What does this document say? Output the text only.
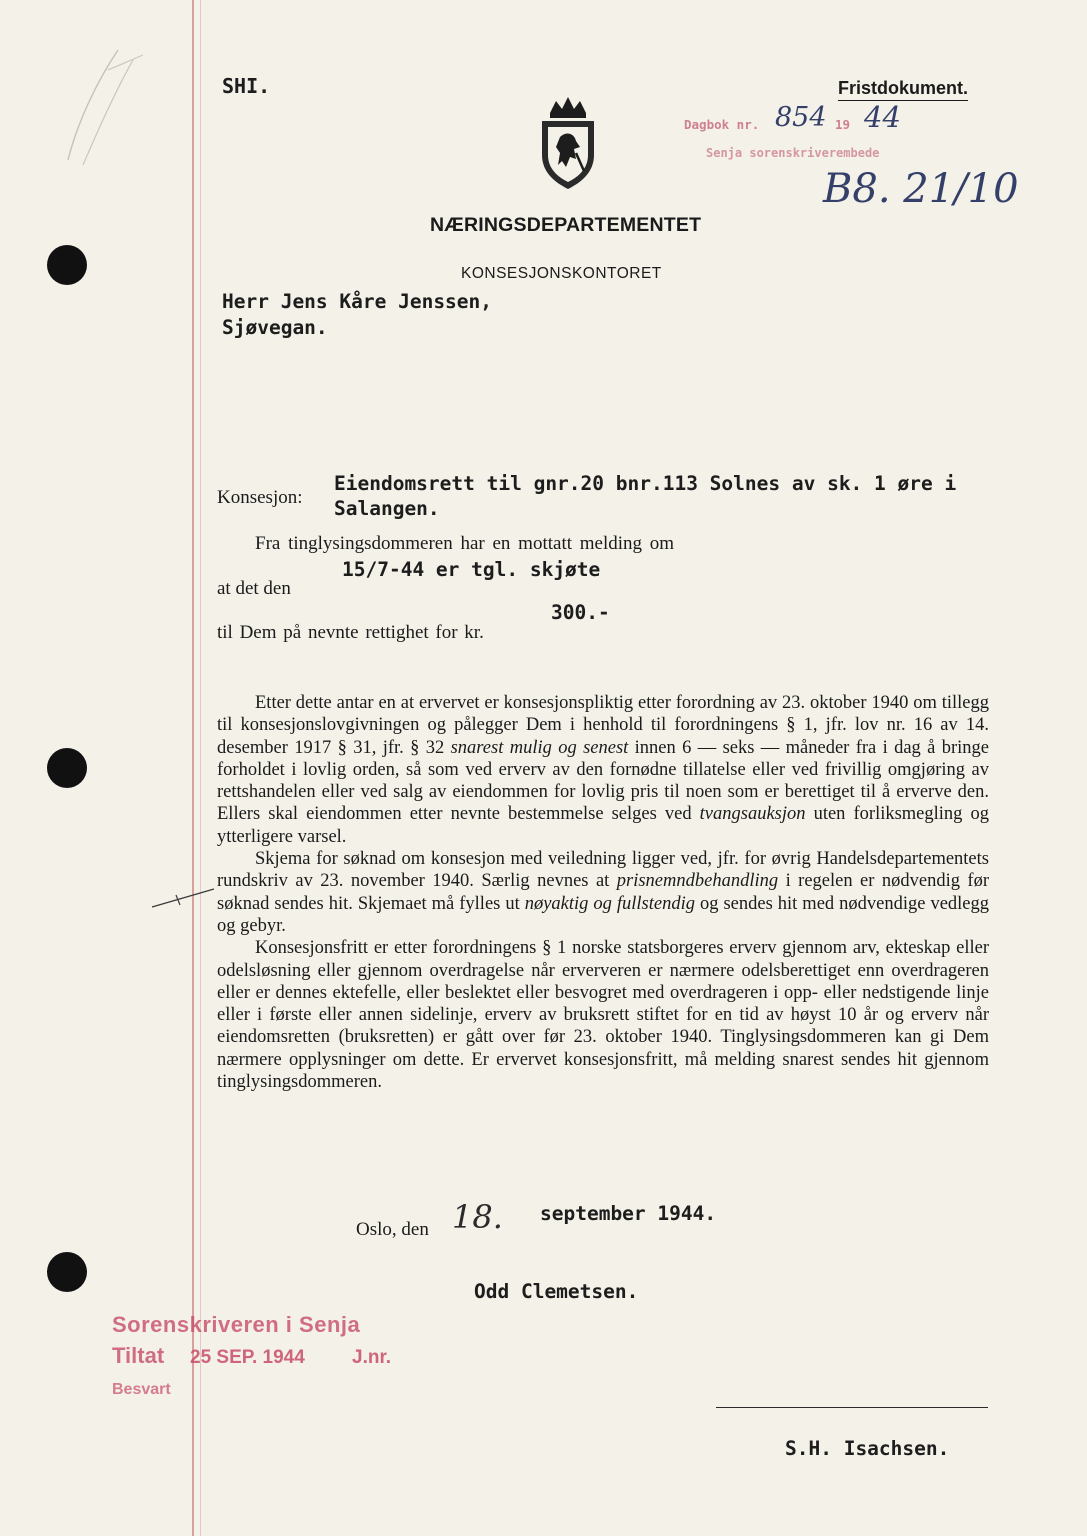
SHI.	Fristdokument.
NÆRINGSDEPARTEMENTET
KONSESJONSKONTORET
Dagbok nr. 854 19 44
Senja sorenskriverembede
B8. 21/10
Herr Jens Kåre Jenssen,
Sjøvegan.
Konsesjon:
Eiendomsrett til gnr.20 bnr.113 Solnes av sk. 1 øre i
Salangen.
Fra tinglysingsdommeren har en mottatt melding om
15/7-44 er tgl. skjøte
at det den
300.-
til Dem på nevnte rettighet for kr.

Etter dette antar en at ervervet er konsesjonspliktig etter forordning av 23. oktober 1940 om tillegg til konsesjonslovgivningen og pålegger Dem i henhold til forordningens § 1, jfr. lov nr. 16 av 14. desember 1917 § 31, jfr. § 32 snarest mulig og senest innen 6 — seks — måneder fra i dag å bringe forholdet i lovlig orden, så som ved erverv av den fornødne tillatelse eller ved frivillig omgjøring av rettshandelen eller ved salg av eiendommen for lovlig pris til noen som er berettiget til å erverve den. Ellers skal eiendommen etter nevnte bestemmelse selges ved tvangsauksjon uten forliksmegling og ytterligere varsel.

Skjema for søknad om konsesjon med veiledning ligger ved, jfr. for øvrig Handelsdepartementets rundskriv av 23. november 1940. Særlig nevnes at prisnemndbehandling i regelen er nødvendig før søknad sendes hit. Skjemaet må fylles ut nøyaktig og fullstendig og sendes hit med nødvendige vedlegg og gebyr.

Konsesjonsfritt er etter forordningens § 1 norske statsborgeres erverv gjennom arv, ekteskap eller odelsløsning eller gjennom overdragelse når erververen er nærmere odelsberettiget enn overdrageren eller er dennes ektefelle, eller beslektet eller besvogret med overdrageren i opp- eller nedstigende linje eller i første eller annen sidelinje, erverv av bruksrett stiftet for en tid av høyst 10 år og erverv når eiendomsretten (bruksretten) er gått over før 23. oktober 1940. Tinglysingsdommeren kan gi Dem nærmere opplysninger om dette. Er ervervet konsesjonsfritt, må melding snarest sendes hit gjennom tinglysingsdommeren.

Oslo, den 18. september 1944.
Odd Clemetsen.
Sorenskriveren i Senja
Tiltat 25 SEP. 1944 J.nr.
Besvart
S.H. Isachsen.
